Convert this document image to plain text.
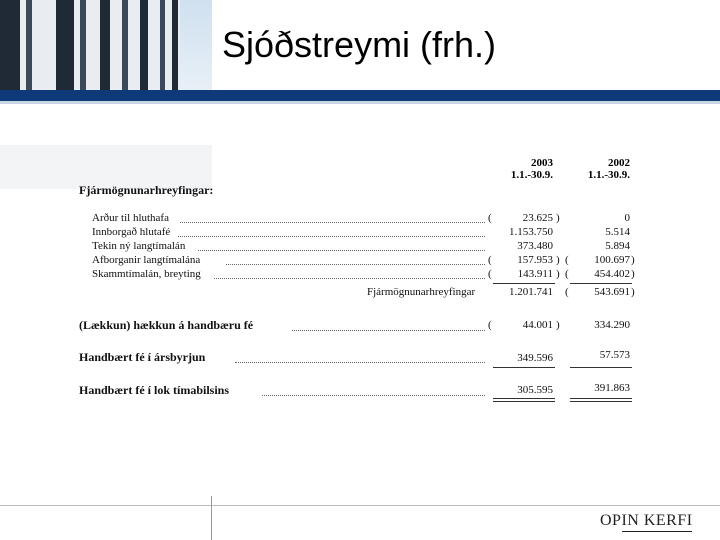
Sjóðstreymi (frh.)
2003
1.1.-30.9.
2002
1.1.-30.9.
Fjármögnunarhreyfingar:
Arður til hluthafa	(	23.625 )	0
Innborgað hlutafé	1.153.750	5.514
Tekin ný langtímalán	373.480	5.894
Afborganir langtímalána	(	157.953 ) (	100.697 )
Skammtímalán, breyting	(	143.911 ) (	454.402 )
Fjármögnunarhreyfingar	1.201.741 (	543.691 )
(Lækkun) hækkun á handbæru fé	(	44.001 )	334.290
Handbært fé í ársbyrjun	349.596	57.573
Handbært fé í lok tímabilsins	305.595	391.863
OPIN KERFI
